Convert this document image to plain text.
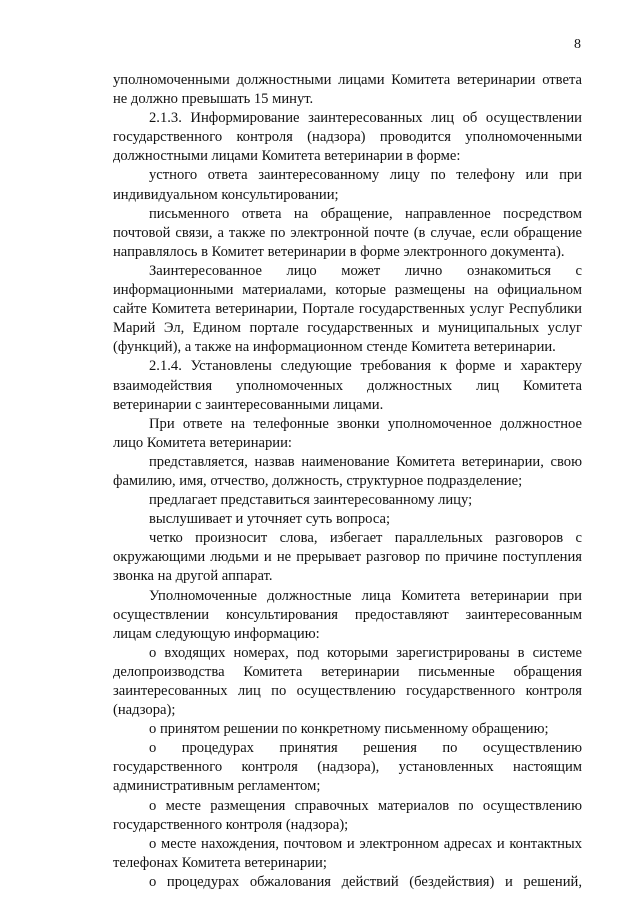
8

уполномоченными должностными лицами Комитета ветеринарии ответа не должно превышать 15 минут.

2.1.3. Информирование заинтересованных лиц об осуществлении государственного контроля (надзора) проводится уполномоченными должностными лицами Комитета ветеринарии в форме:

устного ответа заинтересованному лицу по телефону или при индивидуальном консультировании;

письменного ответа на обращение, направленное посредством почтовой связи, а также по электронной почте (в случае, если обращение направлялось в Комитет ветеринарии в форме электронного документа).

Заинтересованное лицо может лично ознакомиться с информационными материалами, которые размещены на официальном сайте Комитета ветеринарии, Портале государственных услуг Республики Марий Эл, Едином портале государственных и муниципальных услуг (функций), а также на информационном стенде Комитета ветеринарии.

2.1.4. Установлены следующие требования к форме и характеру взаимодействия уполномоченных должностных лиц Комитета ветеринарии с заинтересованными лицами.

При ответе на телефонные звонки уполномоченное должностное лицо Комитета ветеринарии:

представляется, назвав наименование Комитета ветеринарии, свою фамилию, имя, отчество, должность, структурное подразделение;

предлагает представиться заинтересованному лицу;

выслушивает и уточняет суть вопроса;

четко произносит слова, избегает параллельных разговоров с окружающими людьми и не прерывает разговор по причине поступления звонка на другой аппарат.

Уполномоченные должностные лица Комитета ветеринарии при осуществлении консультирования предоставляют заинтересованным лицам следующую информацию:

о входящих номерах, под которыми зарегистрированы в системе делопроизводства Комитета ветеринарии письменные обращения заинтересованных лиц по осуществлению государственного контроля (надзора);

о принятом решении по конкретному письменному обращению;

о процедурах принятия решения по осуществлению государственного контроля (надзора), установленных настоящим административным регламентом;

о месте размещения справочных материалов по осуществлению государственного контроля (надзора);

о месте нахождения, почтовом и электронном адресах и контактных телефонах Комитета ветеринарии;

о процедурах обжалования действий (бездействия) и решений,
